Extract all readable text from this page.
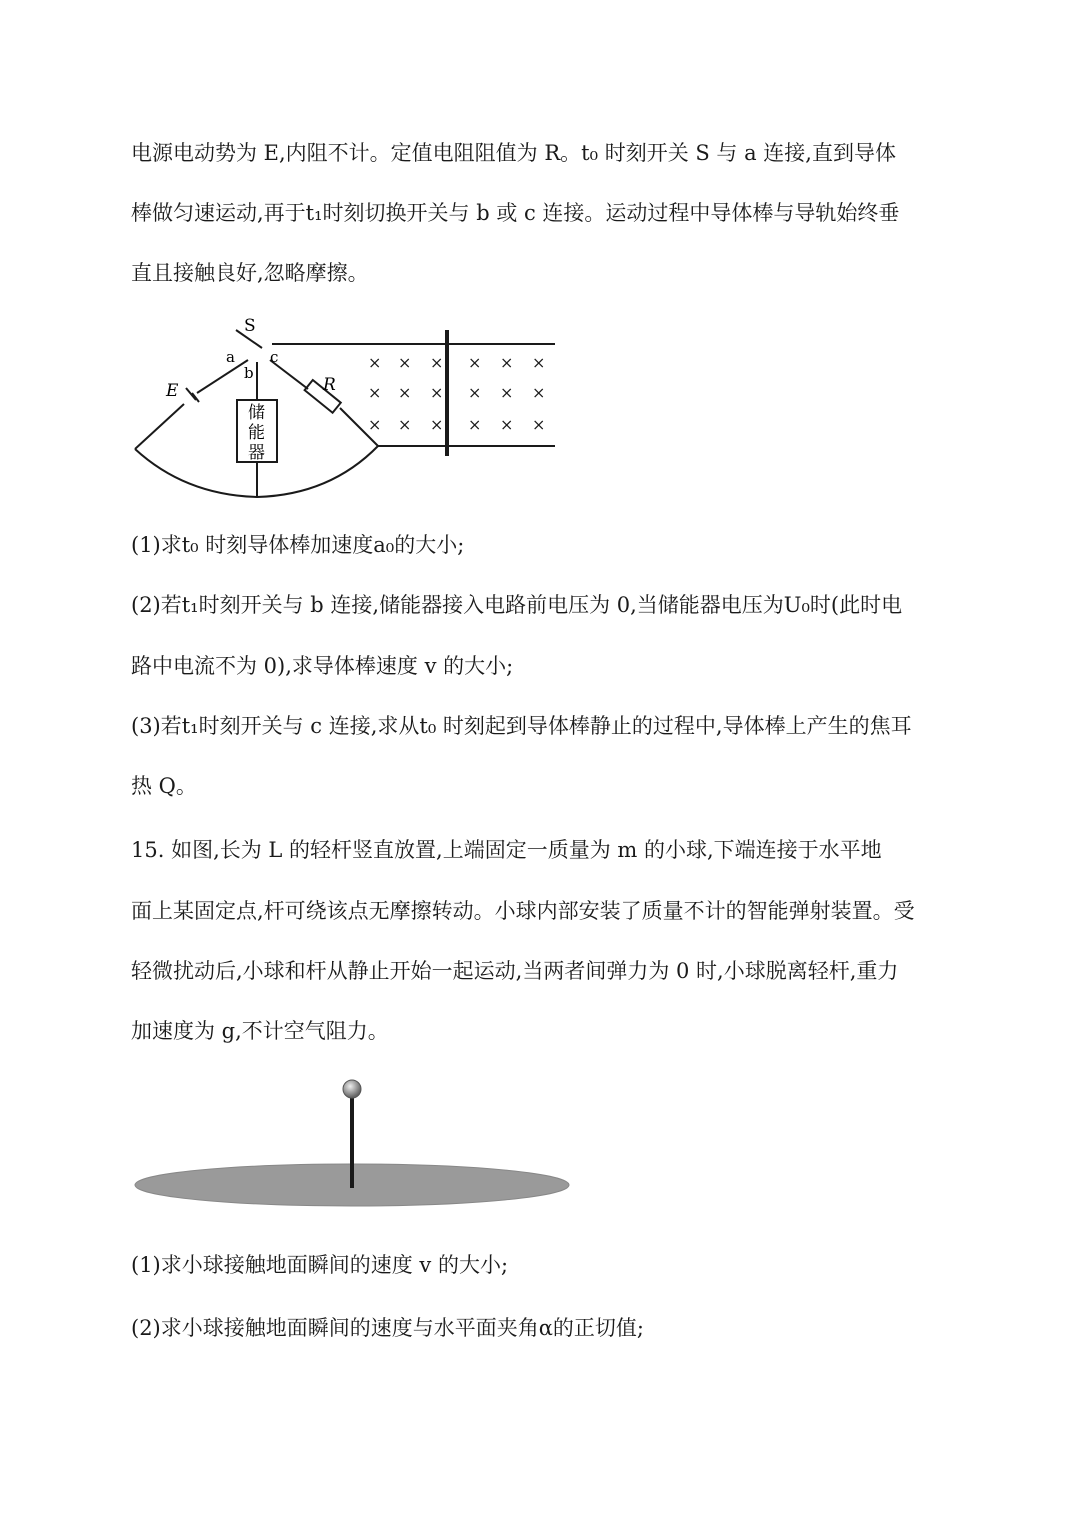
电源电动势为 E,内阻不计。定值电阻阻值为 R。t₀ 时刻开关 S 与 a 连接,直到导体
棒做匀速运动,再于t₁时刻切换开关与 b 或 c 连接。运动过程中导体棒与导轨始终垂
直且接触良好,忽略摩擦。
S
a
b
c
E	R
储
能
器
× × × × × ×
× × × × × ×
× × × × × ×
(1)求t₀ 时刻导体棒加速度a₀的大小;
(2)若t₁时刻开关与 b 连接,储能器接入电路前电压为 0,当储能器电压为U₀时(此时电
路中电流不为 0),求导体棒速度 v 的大小;
(3)若t₁时刻开关与 c 连接,求从t₀ 时刻起到导体棒静止的过程中,导体棒上产生的焦耳
热 Q。
15. 如图,长为 L 的轻杆竖直放置,上端固定一质量为 m 的小球,下端连接于水平地
面上某固定点,杆可绕该点无摩擦转动。小球内部安装了质量不计的智能弹射装置。受
轻微扰动后,小球和杆从静止开始一起运动,当两者间弹力为 0 时,小球脱离轻杆,重力
加速度为 g,不计空气阻力。
(1)求小球接触地面瞬间的速度 v 的大小;
(2)求小球接触地面瞬间的速度与水平面夹角α的正切值;
